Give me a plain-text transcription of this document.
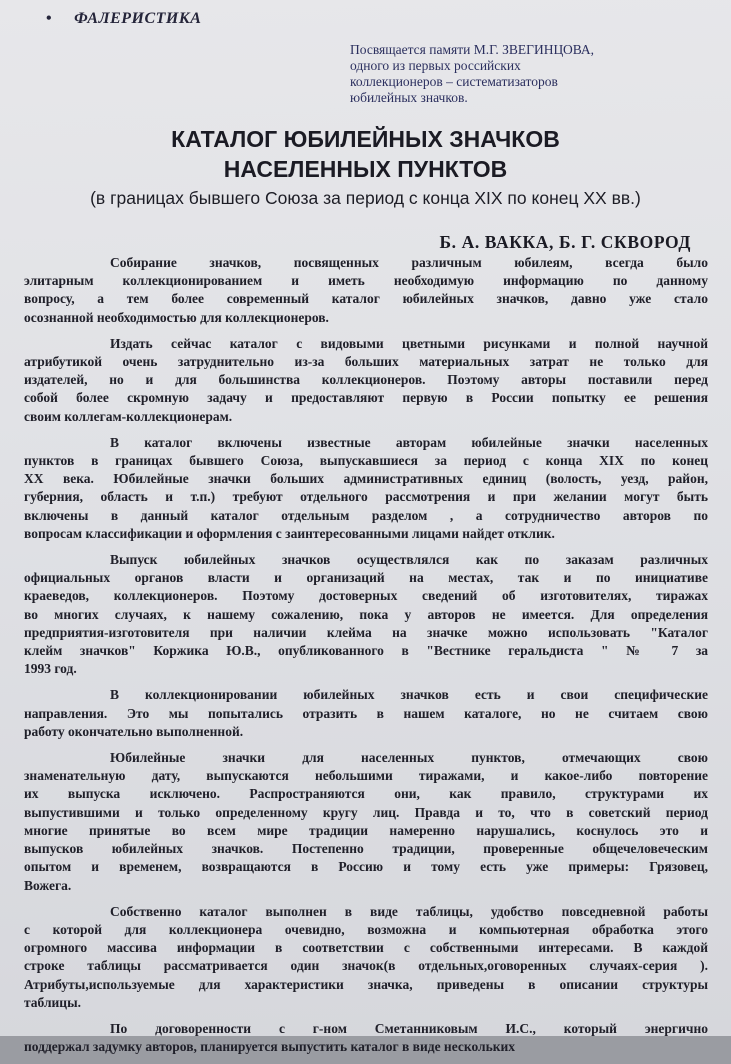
• ФАЛЕРИСТИКА
Посвящается памяти М.Г. ЗВЕГИНЦОВА,
одного из первых российских
коллекционеров – систематизаторов
юбилейных значков.
КАТАЛОГ ЮБИЛЕЙНЫХ ЗНАЧКОВ
НАСЕЛЕННЫХ ПУНКТОВ
(в границах бывшего Союза за период с конца XIX по конец XX вв.)
Б. А. ВАККА, Б. Г. СКВОРОД
Собирание значков, посвященных различным юбилеям, всегда было
элитарным коллекционированием и иметь необходимую информацию по данному
вопросу, а тем более современный каталог юбилейных значков, давно уже стало
осознанной необходимостью для коллекционеров.
Издать сейчас каталог с видовыми цветными рисунками и полной научной
атрибутикой очень затруднительно из-за больших материальных затрат не только для
издателей, но и для большинства коллекционеров. Поэтому авторы поставили перед
собой более скромную задачу и предоставляют первую в России попытку ее решения
своим коллегам-коллекционерам.
В каталог включены известные авторам юбилейные значки населенных
пунктов в границах бывшего Союза, выпускавшиеся за период с конца XIX по конец
XX века. Юбилейные значки больших административных единиц (волость, уезд, район,
губерния, область и т.п.) требуют отдельного рассмотрения и при желании могут быть
включены в данный каталог отдельным разделом , а сотрудничество авторов по
вопросам классификации и оформления с заинтересованными лицами найдет отклик.
Выпуск юбилейных значков осуществлялся как по заказам различных
официальных органов власти и организаций на местах, так и по инициативе
краеведов, коллекционеров. Поэтому достоверных сведений об изготовителях, тиражах
во многих случаях, к нашему сожалению, пока у авторов не имеется. Для определения
предприятия-изготовителя при наличии клейма на значке можно использовать "Каталог
клейм значков" Коржика Ю.В., опубликованного в "Вестнике геральдиста " № 7 за
1993 год.
В коллекционировании юбилейных значков есть и свои специфические
направления. Это мы попытались отразить в нашем каталоге, но не считаем свою
работу окончательно выполненной.
Юбилейные значки для населенных пунктов, отмечающих свою
знаменательную дату, выпускаются небольшими тиражами, и какое-либо повторение
их выпуска исключено. Распространяются они, как правило, структурами их
выпустившими и только определенному кругу лиц. Правда и то, что в советский период
многие принятые во всем мире традиции намеренно нарушались, коснулось это и
выпусков юбилейных значков. Постепенно традиции, проверенные общечеловеческим
опытом и временем, возвращаются в Россию и тому есть уже примеры: Грязовец,
Вожега.
Собственно каталог выполнен в виде таблицы, удобство повседневной работы
с которой для коллекционера очевидно, возможна и компьютерная обработка этого
огромного массива информации в соответствии с собственными интересами. В каждой
строке таблицы рассматривается один значок(в отдельных,оговоренных случаях-серия ).
Атрибуты,используемые для характеристики значка, приведены в описании структуры
таблицы.
По договоренности с г-ном Сметанниковым И.С., который энергично
поддержал задумку авторов, планируется выпустить каталог в виде нескольких
